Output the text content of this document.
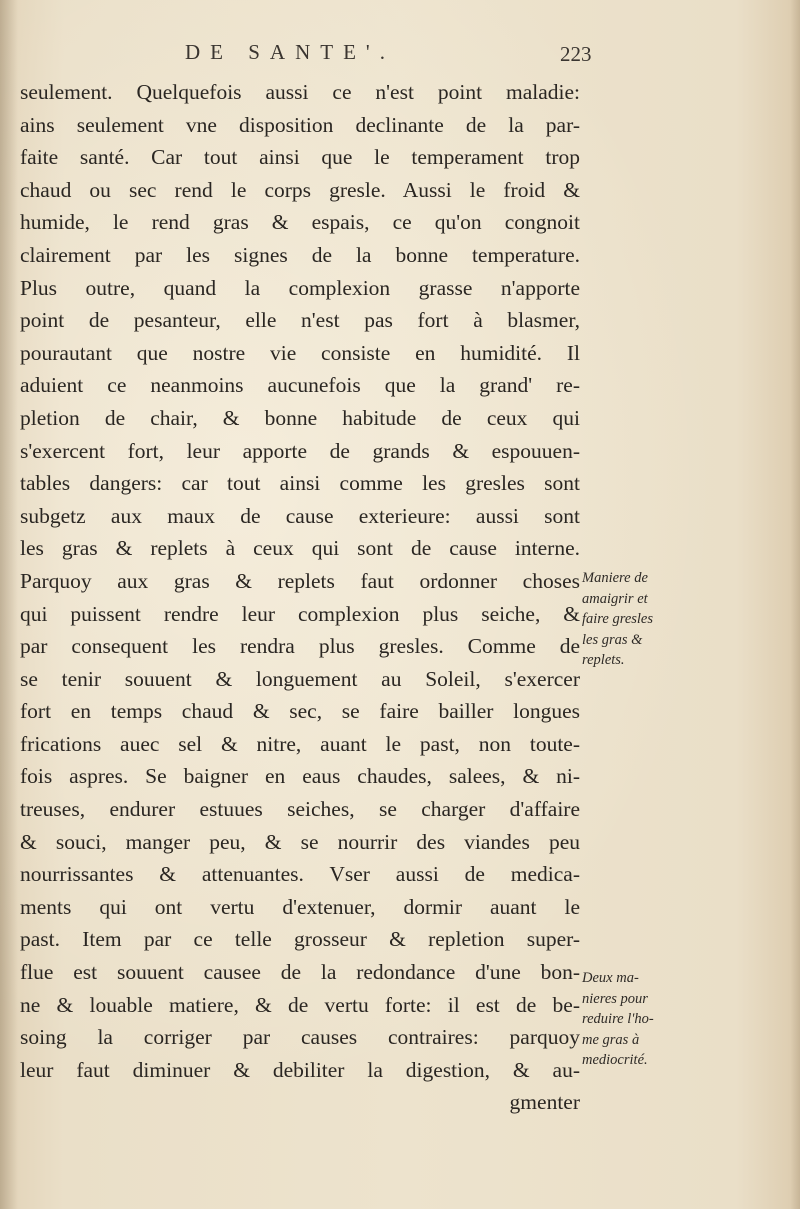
DE SANTE'.	223
seulement. Quelquefois aussi ce n'est point maladie:
ains seulement vne disposition declinante de la par-
faite santé. Car tout ainsi que le temperament trop
chaud ou sec rend le corps gresle. Aussi le froid &
humide, le rend gras & espais, ce qu'on congnoit
clairement par les signes de la bonne temperature.
Plus outre, quand la complexion grasse n'apporte
point de pesanteur, elle n'est pas fort à blasmer,
pourautant que nostre vie consiste en humidité. Il
aduient ce neanmoins aucunefois que la grand' re-
pletion de chair, & bonne habitude de ceux qui
s'exercent fort, leur apporte de grands & espouuen-
tables dangers: car tout ainsi comme les gresles sont
subgetz aux maux de cause exterieure: aussi sont
les gras & replets à ceux qui sont de cause interne.
Parquoy aux gras & replets faut ordonner choses
qui puissent rendre leur complexion plus seiche, &
par consequent les rendra plus gresles. Comme de
se tenir souuent & longuement au Soleil, s'exercer
fort en temps chaud & sec, se faire bailler longues
frications auec sel & nitre, auant le past, non toute-
fois aspres. Se baigner en eaus chaudes, salees, & ni-
treuses, endurer estuues seiches, se charger d'affaire
& souci, manger peu, & se nourrir des viandes peu
nourrissantes & attenuantes. Vser aussi de medica-
ments qui ont vertu d'extenuer, dormir auant le
past. Item par ce telle grosseur & repletion super-
flue est souuent causee de la redondance d'une bon-
ne & louable matiere, & de vertu forte: il est de be-
soing la corriger par causes contraires: parquoy
leur faut diminuer & debiliter la digestion, & au-
gmenter
Maniere de
amaigrir et
faire gresles
les gras &
replets.
Deux ma-
nieres pour
reduire l'ho-
me gras à
mediocrité.
